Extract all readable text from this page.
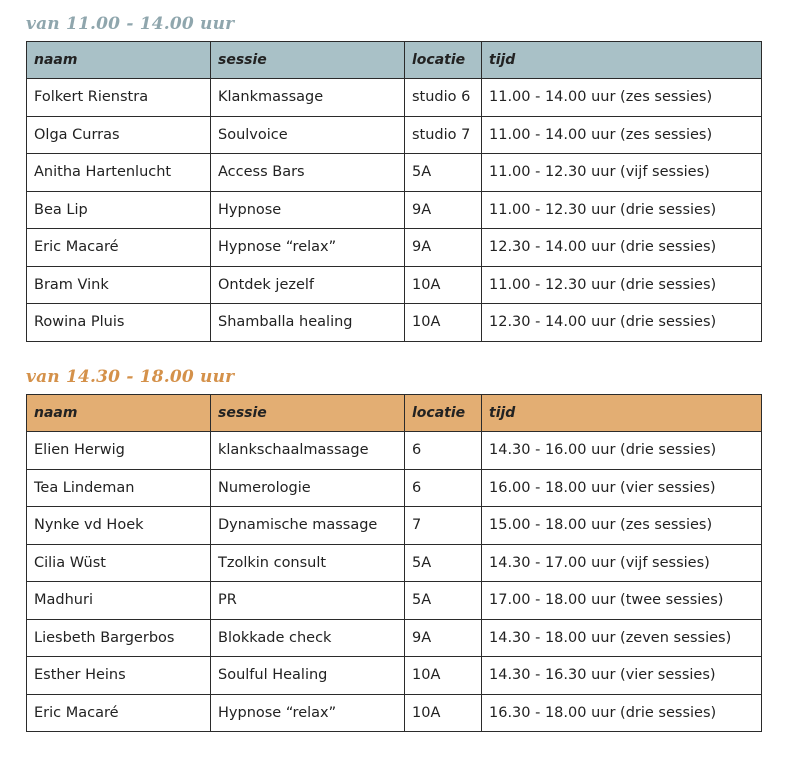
van 11.00 - 14.00 uur
naam	sessie	locatie	tijd
Folkert Rienstra	Klankmassage	studio 6	11.00 - 14.00 uur (zes sessies)
Olga Curras	Soulvoice	studio 7	11.00 - 14.00 uur (zes sessies)
Anitha Hartenlucht	Access Bars	5A	11.00 - 12.30 uur (vijf sessies)
Bea Lip	Hypnose	9A	11.00 - 12.30 uur (drie sessies)
Eric Macaré	Hypnose “relax”	9A	12.30 - 14.00 uur (drie sessies)
Bram Vink	Ontdek jezelf	10A	11.00 - 12.30 uur (drie sessies)
Rowina Pluis	Shamballa healing	10A	12.30 - 14.00 uur (drie sessies)
van 14.30 - 18.00 uur
naam	sessie	locatie	tijd
Elien Herwig	klankschaalmassage	6	14.30 - 16.00 uur (drie sessies)
Tea Lindeman	Numerologie	6	16.00 - 18.00 uur (vier sessies)
Nynke vd Hoek	Dynamische massage	7	15.00 - 18.00 uur (zes sessies)
Cilia Wüst	Tzolkin consult	5A	14.30 - 17.00 uur (vijf sessies)
Madhuri	PR	5A	17.00 - 18.00 uur (twee sessies)
Liesbeth Bargerbos	Blokkade check	9A	14.30 - 18.00 uur (zeven sessies)
Esther Heins	Soulful Healing	10A	14.30 - 16.30 uur (vier sessies)
Eric Macaré	Hypnose “relax”	10A	16.30 - 18.00 uur (drie sessies)
